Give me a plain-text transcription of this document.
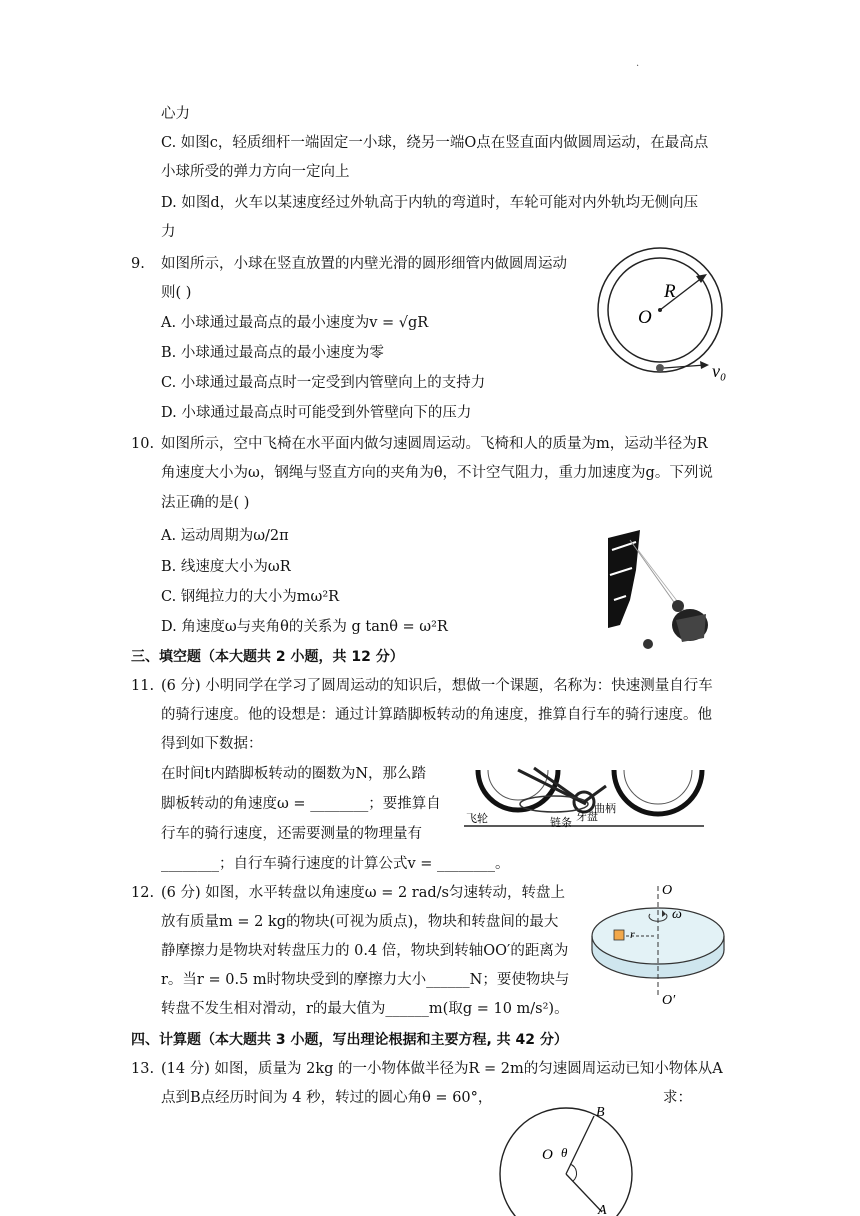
.
心力
C. 如图c，轻质细杆一端固定一小球，绕另一端O点在竖直面内做圆周运动，在最高点
小球所受的弹力方向一定向上
D. 如图d，火车以某速度经过外轨高于内轨的弯道时，车轮可能对内外轨均无侧向压
力
9. 如图所示，小球在竖直放置的内壁光滑的圆形细管内做圆周运动
则( )
A. 小球通过最高点的最小速度为v = √gR
B. 小球通过最高点的最小速度为零
C. 小球通过最高点时一定受到内管壁向上的支持力
D. 小球通过最高点时可能受到外管壁向下的压力
R
O
v₀
10. 如图所示，空中飞椅在水平面内做匀速圆周运动。飞椅和人的质量为m，运动半径为R
角速度大小为ω，钢绳与竖直方向的夹角为θ，不计空气阻力，重力加速度为g。下列说
法正确的是( )
A. 运动周期为ω/2π
B. 线速度大小为ωR
C. 钢绳拉力的大小为mω²R
D. 角速度ω与夹角θ的关系为 g tanθ = ω²R
三、填空题（本大题共 2 小题，共 12 分）
11. (6 分) 小明同学在学习了圆周运动的知识后，想做一个课题，名称为：快速测量自行车
的骑行速度。他的设想是：通过计算踏脚板转动的角速度，推算自行车的骑行速度。他
得到如下数据：
在时间t内踏脚板转动的圈数为N，那么踏
脚板转动的角速度ω = ________；要推算自
行车的骑行速度，还需要测量的物理量有
________；自行车骑行速度的计算公式v = ________。
飞轮	链条 牙盘
曲柄
12. (6 分) 如图，水平转盘以角速度ω = 2 rad/s匀速转动，转盘上
放有质量m = 2 kg的物块(可视为质点)，物块和转盘间的最大
静摩擦力是物块对转盘压力的 0.4 倍，物块到转轴OO′的距离为
r。当r = 0.5 m时物块受到的摩擦力大小______N；要使物块与
转盘不发生相对滑动，r的最大值为______m(取g = 10 m/s²)。
O
O′
ω
r
四、计算题（本大题共 3 小题，写出理论根据和主要方程, 共 42 分）
13. (14 分) 如图，质量为 2kg 的一小物体做半径为R = 2m的匀速圆周运动已知小物体从A
点到B点经历时间为 4 秒，转过的圆心角θ = 60°，	求：
O θ
B
A
